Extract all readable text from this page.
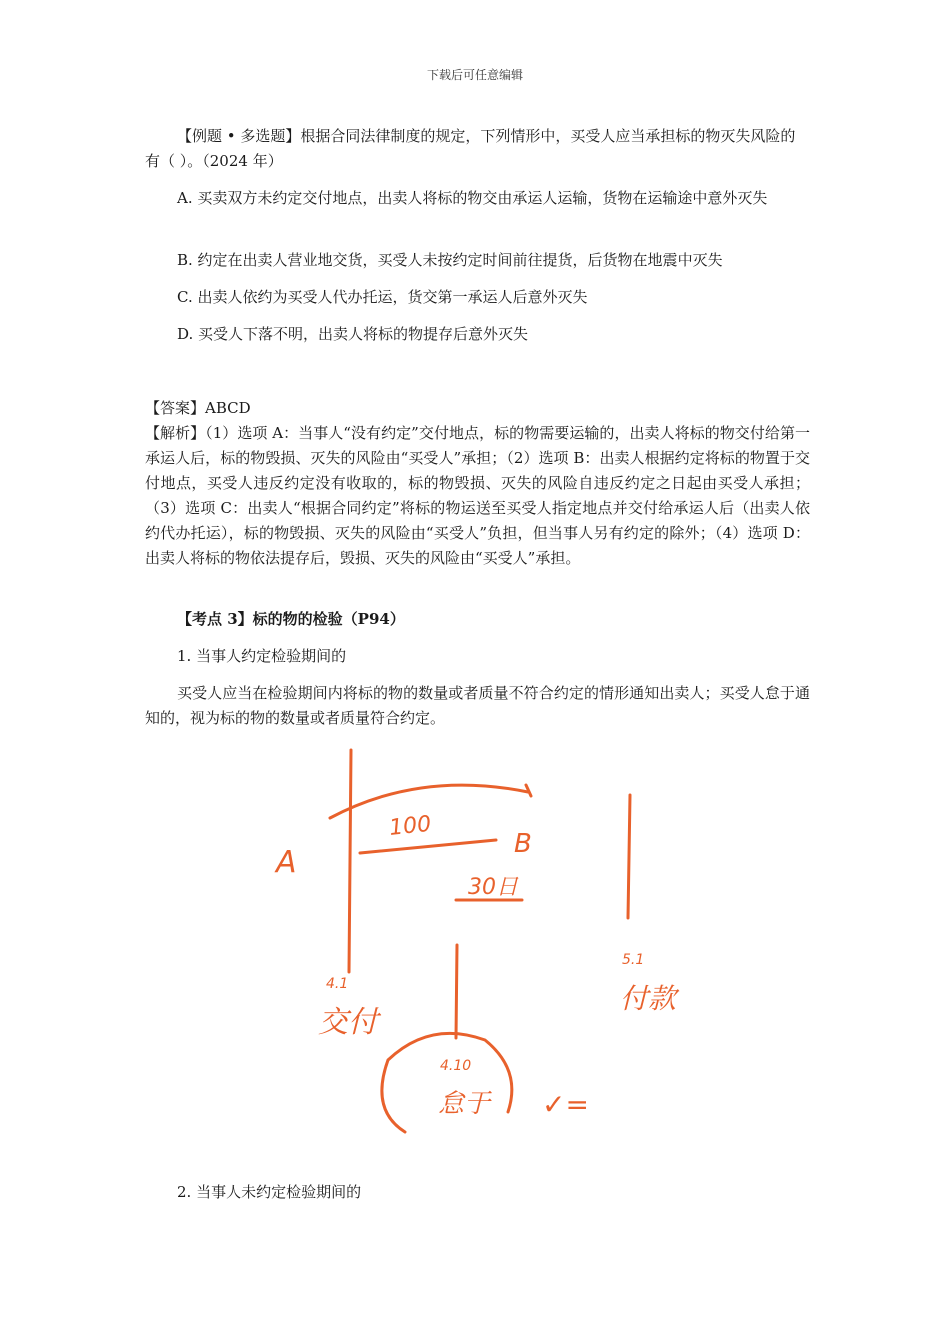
下载后可任意编辑

【例题 • 多选题】根据合同法律制度的规定，下列情形中，买受人应当承担标的物灭失风险的有（ ）。（2024 年）

A. 买卖双方未约定交付地点，出卖人将标的物交由承运人运输，货物在运输途中意外灭失

B. 约定在出卖人营业地交货，买受人未按约定时间前往提货，后货物在地震中灭失

C. 出卖人依约为买受人代办托运，货交第一承运人后意外灭失

D. 买受人下落不明，出卖人将标的物提存后意外灭失

【答案】ABCD

【解析】（1）选项 A：当事人“没有约定”交付地点，标的物需要运输的，出卖人将标的物交付给第一承运人后，标的物毁损、灭失的风险由“买受人”承担；（2）选项 B：出卖人根据约定将标的物置于交付地点，买受人违反约定没有收取的，标的物毁损、灭失的风险自违反约定之日起由买受人承担；（3）选项 C：出卖人“根据合同约定”将标的物运送至买受人指定地点并交付给承运人后（出卖人依约代办托运），标的物毁损、灭失的风险由“买受人”负担，但当事人另有约定的除外；（4）选项 D：出卖人将标的物依法提存后，毁损、灭失的风险由“买受人”承担。

【考点 3】标的物的检验（P94）

1. 当事人约定检验期间的

买受人应当在检验期间内将标的物的数量或者质量不符合约定的情形通知出卖人；买受人怠于通知的，视为标的物的数量或者质量符合约定。

A
B
100
30日
4.1
交付
4.10
怠于
5.1
付款
✓=

2. 当事人未约定检验期间的
